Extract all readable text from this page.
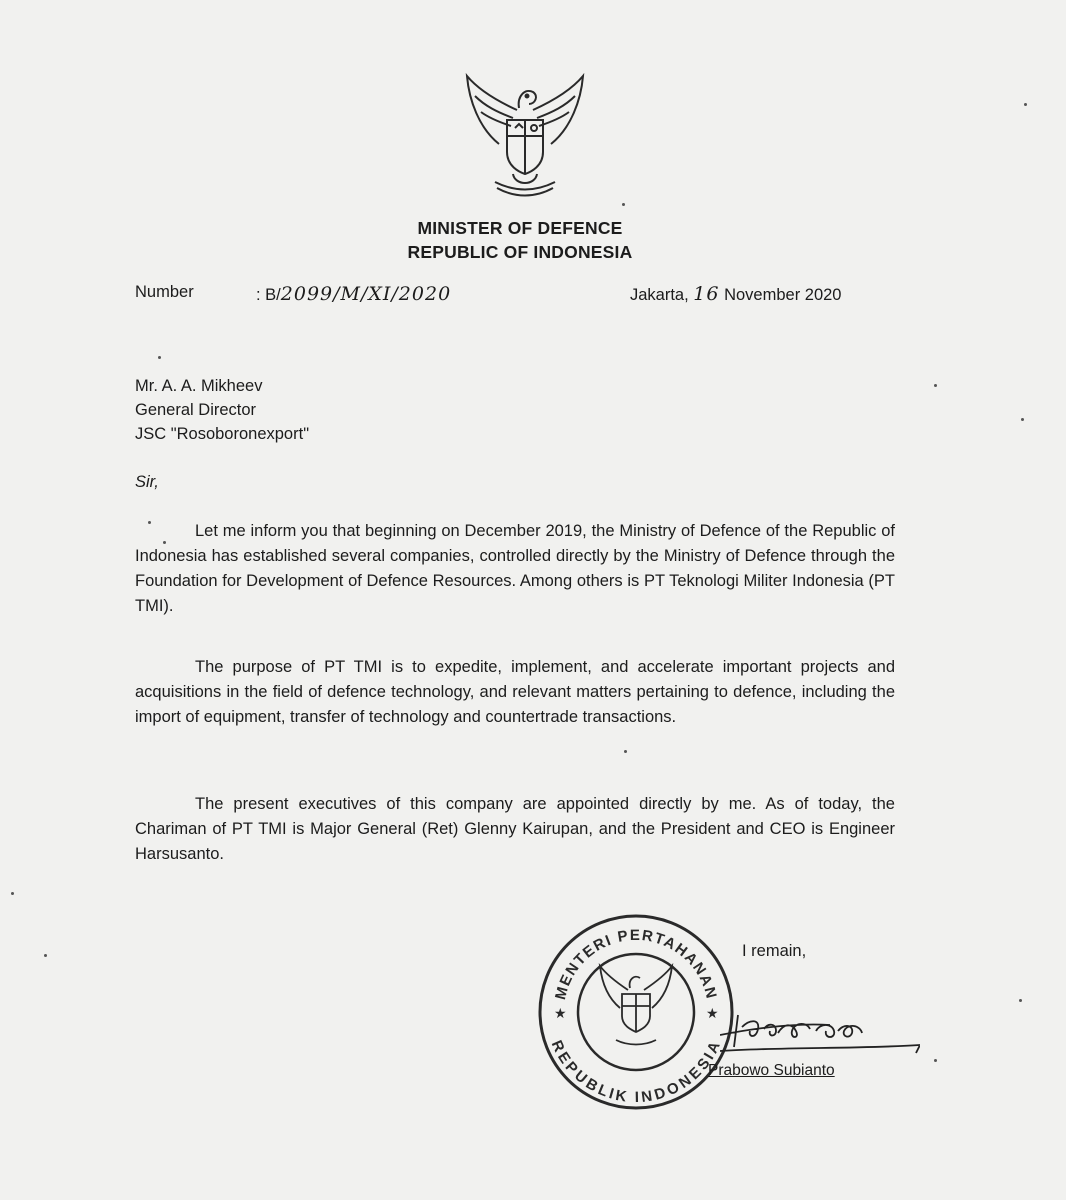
MINISTER OF DEFENCE
REPUBLIC OF INDONESIA
Number	: B/2099/M/XI/2020	Jakarta, 16 November 2020
Mr. A. A. Mikheev
General Director
JSC "Rosoboronexport"
Sir,

Let me inform you that beginning on December 2019, the Ministry of Defence of the Republic of Indonesia has established several companies, controlled directly by the Ministry of Defence through the Foundation for Development of Defence Resources. Among others is PT Teknologi Militer Indonesia (PT TMI).

The purpose of PT TMI is to expedite, implement, and accelerate important projects and acquisitions in the field of defence technology, and relevant matters pertaining to defence, including the import of equipment, transfer of technology and countertrade transactions.

The present executives of this company are appointed directly by me. As of today, the Chariman of PT TMI is Major General (Ret) Glenny Kairupan, and the President and CEO is Engineer Harsusanto.

MENTERI PERTAHANAN
REPUBLIK INDONESIA
★	★
I remain,
Prabowo Subianto
